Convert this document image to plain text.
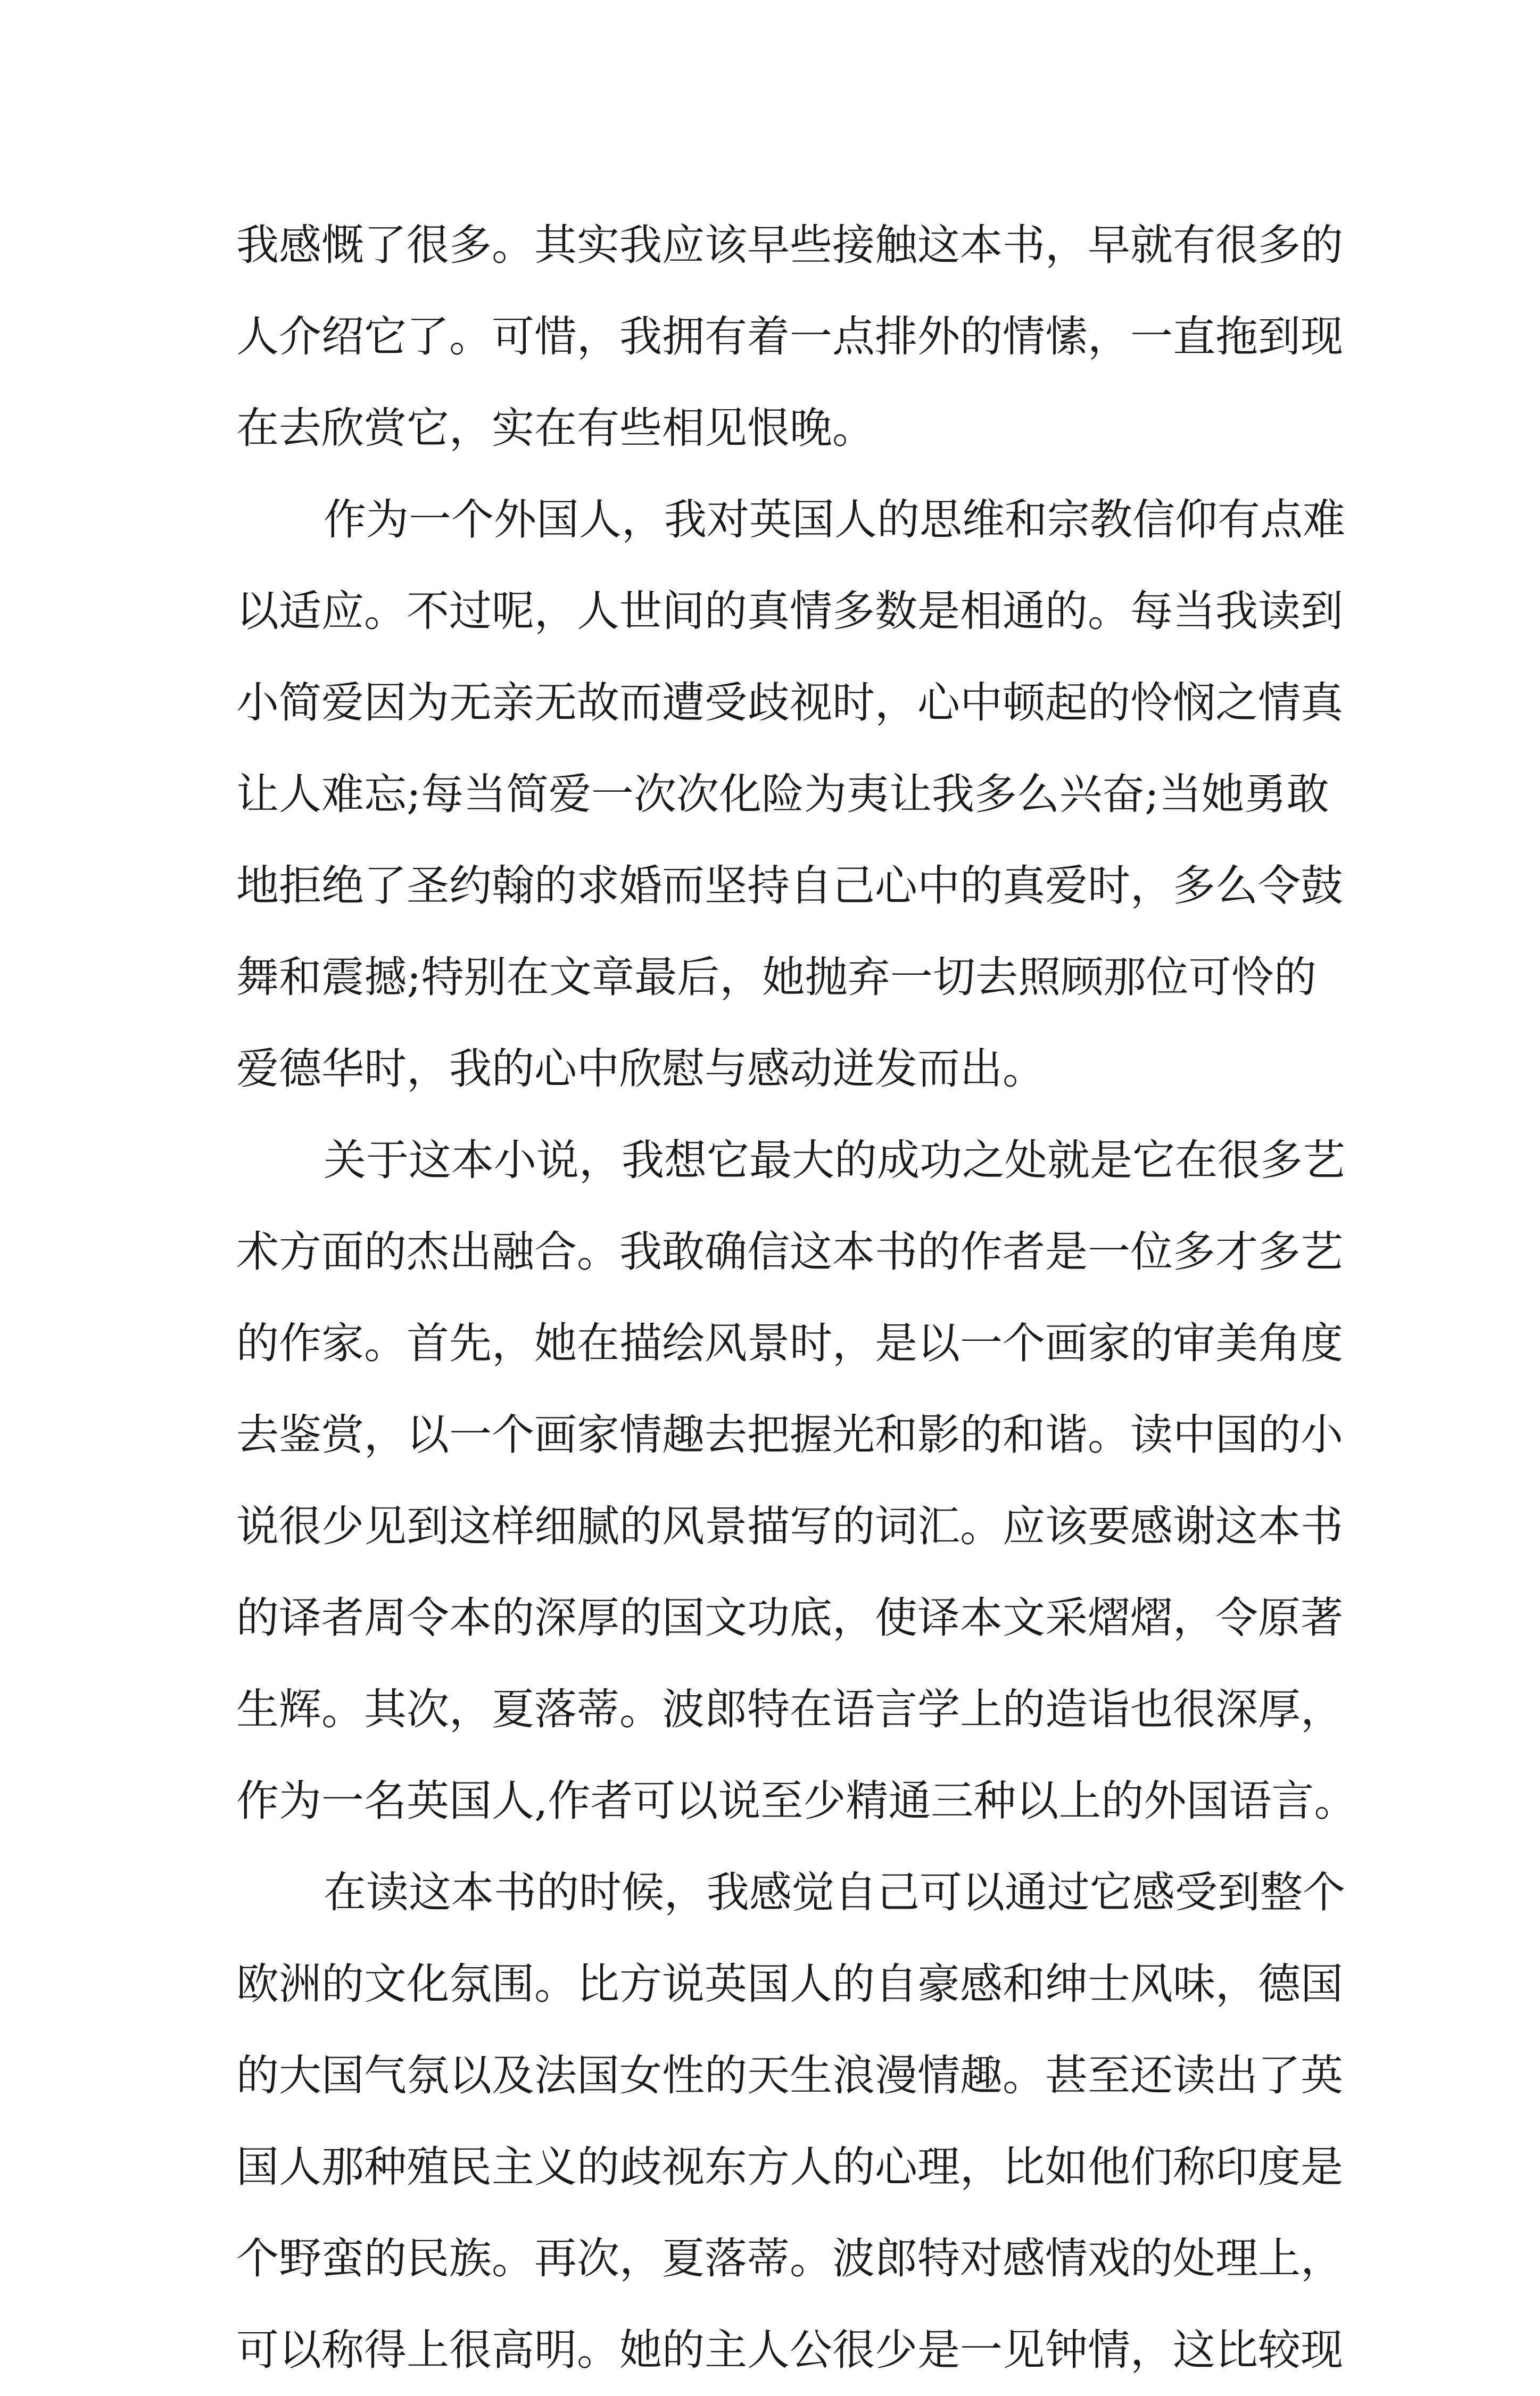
我感慨了很多。其实我应该早些接触这本书，早就有很多的
人介绍它了。可惜，我拥有着一点排外的情愫，一直拖到现
在去欣赏它，实在有些相见恨晚。
作为一个外国人，我对英国人的思维和宗教信仰有点难
以适应。不过呢，人世间的真情多数是相通的。每当我读到
小简爱因为无亲无故而遭受歧视时，心中顿起的怜悯之情真
让人难忘;每当简爱一次次化险为夷让我多么兴奋;当她勇敢
地拒绝了圣约翰的求婚而坚持自己心中的真爱时，多么令鼓
舞和震撼;特别在文章最后，她抛弃一切去照顾那位可怜的
爱德华时，我的心中欣慰与感动迸发而出。
关于这本小说，我想它最大的成功之处就是它在很多艺
术方面的杰出融合。我敢确信这本书的作者是一位多才多艺
的作家。首先，她在描绘风景时，是以一个画家的审美角度
去鉴赏，以一个画家情趣去把握光和影的和谐。读中国的小
说很少见到这样细腻的风景描写的词汇。应该要感谢这本书
的译者周令本的深厚的国文功底，使译本文采熠熠，令原著
生辉。其次，夏落蒂。波郎特在语言学上的造诣也很深厚，
作为一名英国人,作者可以说至少精通三种以上的外国语言。
在读这本书的时候，我感觉自己可以通过它感受到整个
欧洲的文化氛围。比方说英国人的自豪感和绅士风味，德国
的大国气氛以及法国女性的天生浪漫情趣。甚至还读出了英
国人那种殖民主义的歧视东方人的心理，比如他们称印度是
个野蛮的民族。再次，夏落蒂。波郎特对感情戏的处理上，
可以称得上很高明。她的主人公很少是一见钟情，这比较现
